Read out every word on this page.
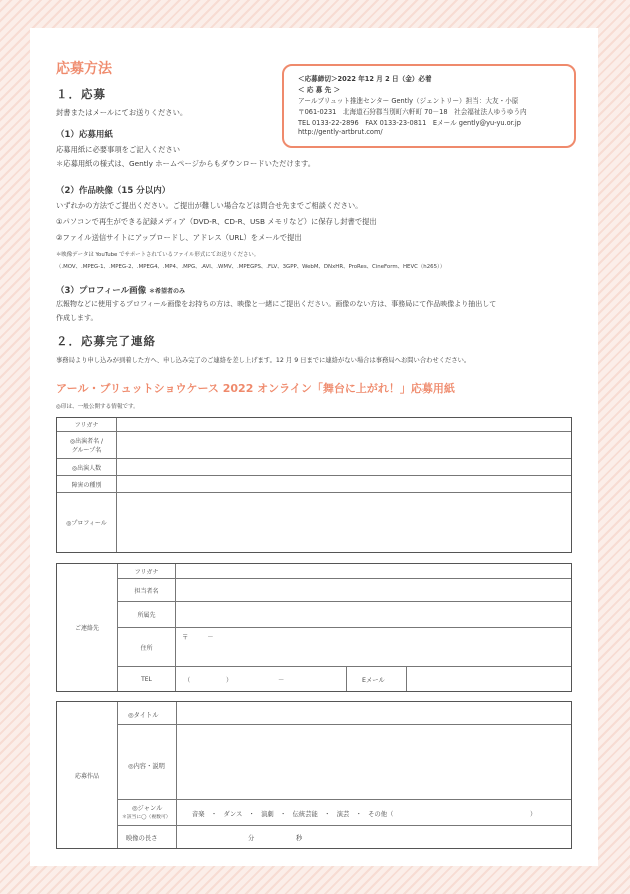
応募方法
＜応募締切＞2022 年12 月 2 日（金）必着
＜ 応 募 先 ＞
アールブリュット推進センター Gently（ジェントリー）担当：大友・小原
〒061-0231　北海道石狩郡当別町六軒町 70－18　社会福祉法人ゆうゆう内
TEL 0133-22-2896　FAX 0133-23-0811　Eメール gently@yu-yu.or.jp
http://gently-artbrut.com/
１．応募
封書またはメールにてお送りください。
（1）応募用紙
応募用紙に必要事項をご記入ください
＊応募用紙の様式は、Gently ホームページからもダウンロードいただけます。
（2）作品映像（15 分以内）
いずれかの方法でご提出ください。ご提出が難しい場合などは問合せ先までご相談ください。
①パソコンで再生ができる記録メディア（DVD-R、CD-R、USB メモリなど）に保存し封書で提出
②ファイル送信サイトにアップロードし、アドレス（URL）をメールで提出
＊映像データは YouTube でサポートされているファイル形式にてお送りください。
（.MOV、.MPEG-1、.MPEG-2、.MPEG4、.MP4、.MPG、.AVI、.WMV、.MPEGPS、.FLV、3GPP、WebM、DNxHR、ProRes、CineForm、HEVC（h265））
（3）プロフィール画像 ＊希望者のみ
広報物などに使用するプロフィール画像をお持ちの方は、映像と一緒にご提出ください。画像のない方は、事務局にて作品映像より抽出して
作成します。
２．応募完了連絡
事務局より申し込みが到着した方へ、申し込み完了のご連絡を差し上げます。12 月 9 日までに連絡がない場合は事務局へお問い合わせください。
アール・ブリュットショウケース 2022 オンライン「舞台に上がれ！」応募用紙
◎印は、一般公開する情報です。
フリガナ
◎出演者名 /
グループ名
◎出演人数
障害の種別
◎プロフィール
ご連絡先
フリガナ
担当者名
所属先
住所
〒　　　－
TEL	（	）	－	Eメール
応募作品
◎タイトル
◎内容・説明
◎ジャンル
＊該当に◯（複数可）	音楽　・　ダンス　・　演劇　・　伝統芸能　・　演芸　・　その他（	）
映像の長さ	分	秒
